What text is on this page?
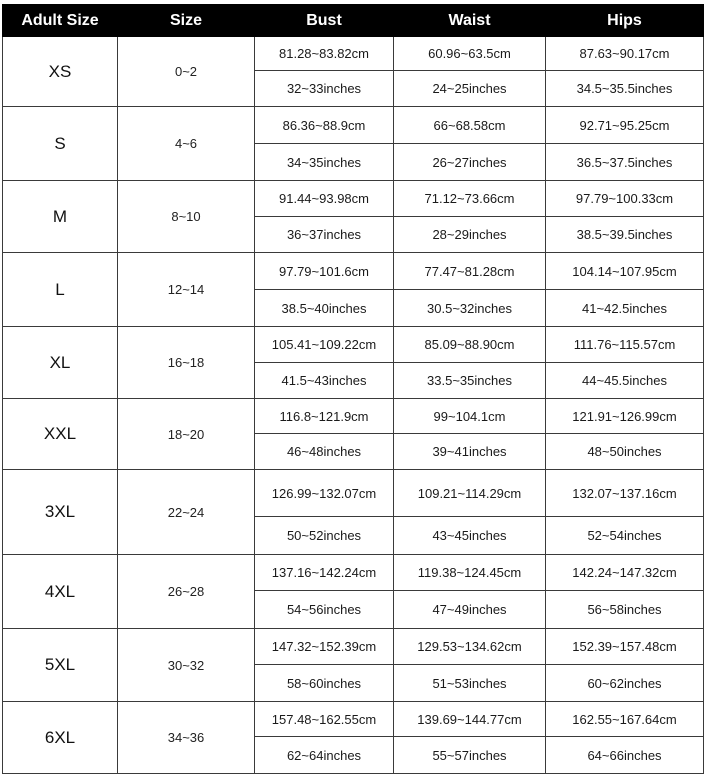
Adult Size	Size	Bust	Waist	Hips
XS	0~2	81.28~83.82cm	60.96~63.5cm	87.63~90.17cm
		32~33inches	24~25inches	34.5~35.5inches
S	4~6	86.36~88.9cm	66~68.58cm	92.71~95.25cm
		34~35inches	26~27inches	36.5~37.5inches
M	8~10	91.44~93.98cm	71.12~73.66cm	97.79~100.33cm
		36~37inches	28~29inches	38.5~39.5inches
L	12~14	97.79~101.6cm	77.47~81.28cm	104.14~107.95cm
		38.5~40inches	30.5~32inches	41~42.5inches
XL	16~18	105.41~109.22cm	85.09~88.90cm	111.76~115.57cm
		41.5~43inches	33.5~35inches	44~45.5inches
XXL	18~20	116.8~121.9cm	99~104.1cm	121.91~126.99cm
		46~48inches	39~41inches	48~50inches
3XL	22~24	126.99~132.07cm	109.21~114.29cm	132.07~137.16cm
		50~52inches	43~45inches	52~54inches
4XL	26~28	137.16~142.24cm	119.38~124.45cm	142.24~147.32cm
		54~56inches	47~49inches	56~58inches
5XL	30~32	147.32~152.39cm	129.53~134.62cm	152.39~157.48cm
		58~60inches	51~53inches	60~62inches
6XL	34~36	157.48~162.55cm	139.69~144.77cm	162.55~167.64cm
		62~64inches	55~57inches	64~66inches
